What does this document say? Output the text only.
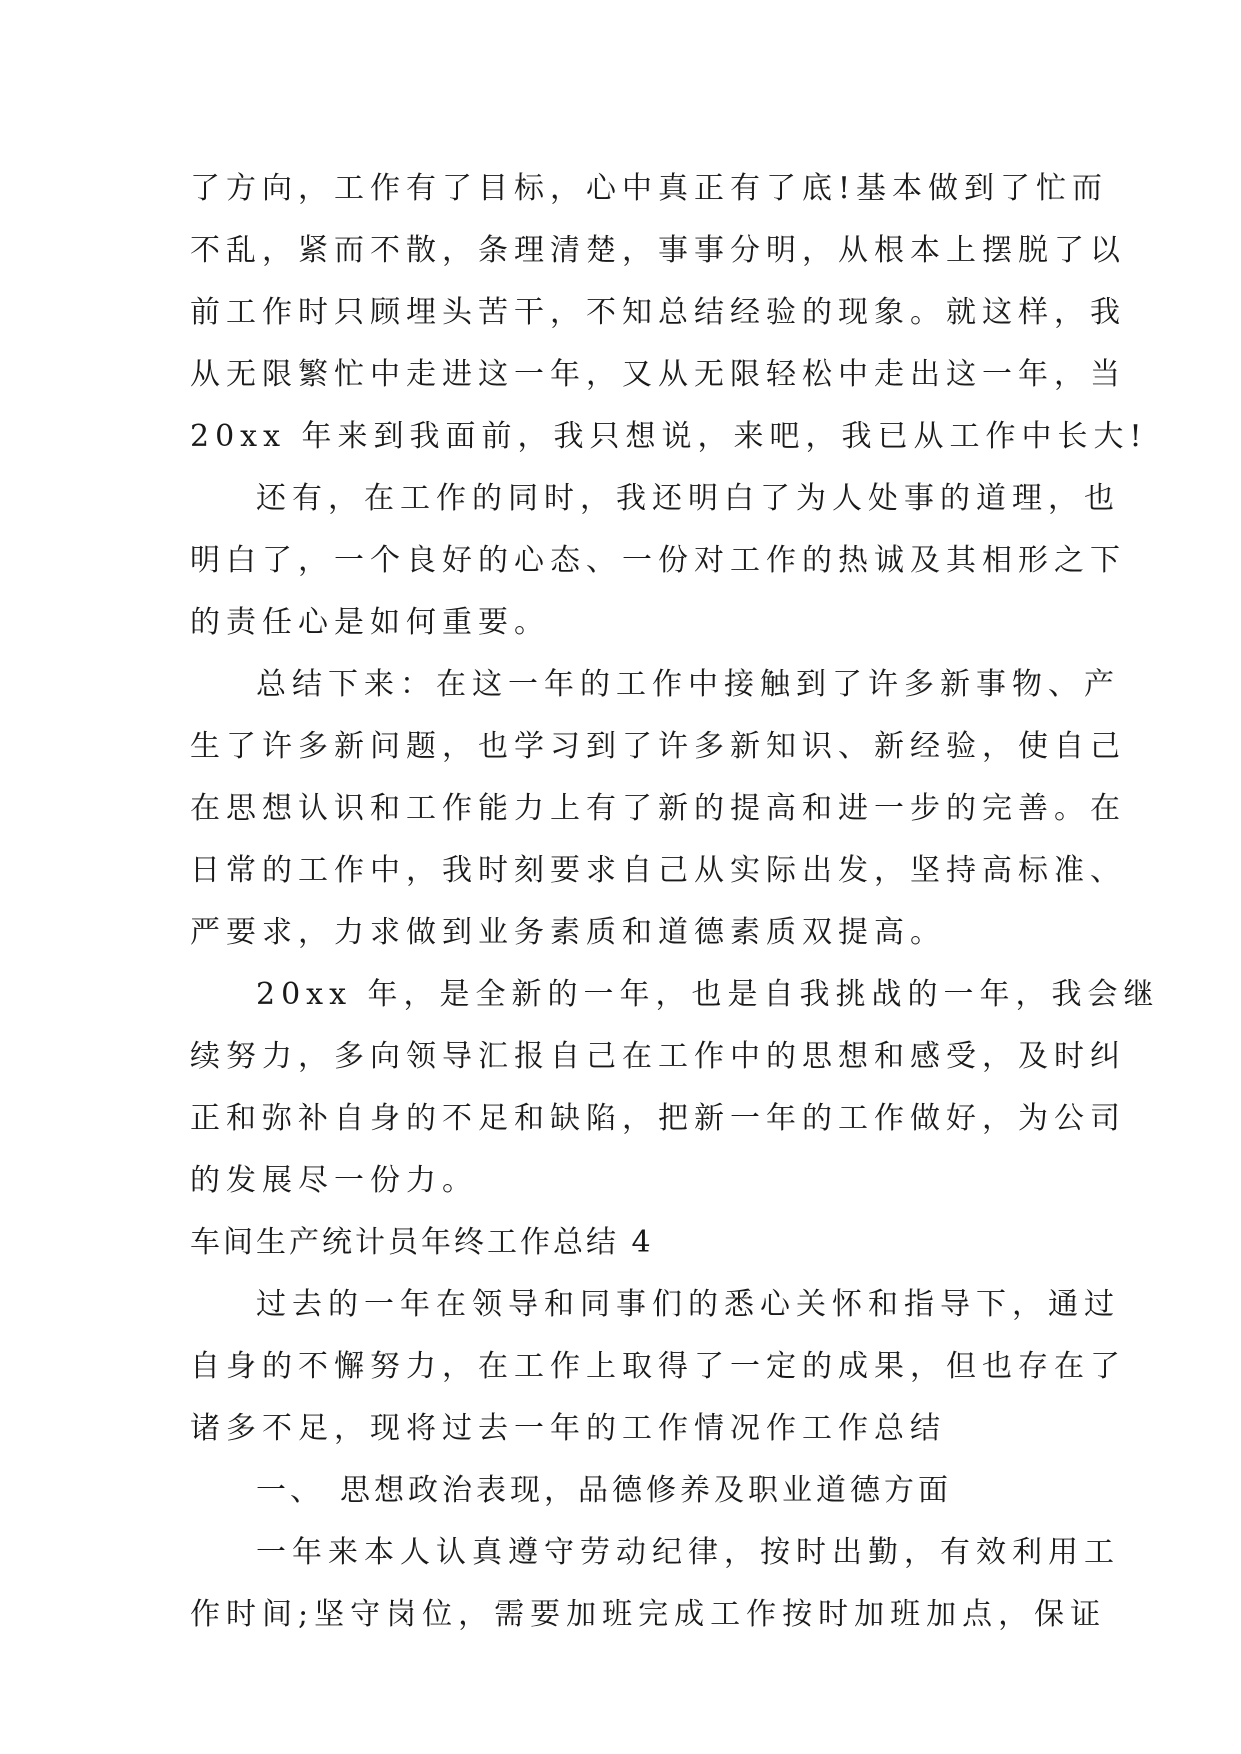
了方向，工作有了目标，心中真正有了底!基本做到了忙而
不乱，紧而不散，条理清楚，事事分明，从根本上摆脱了以
前工作时只顾埋头苦干，不知总结经验的现象。就这样，我
从无限繁忙中走进这一年，又从无限轻松中走出这一年，当
20xx 年来到我面前，我只想说，来吧，我已从工作中长大!
还有，在工作的同时，我还明白了为人处事的道理，也
明白了，一个良好的心态、一份对工作的热诚及其相形之下
的责任心是如何重要。
总结下来：在这一年的工作中接触到了许多新事物、产
生了许多新问题，也学习到了许多新知识、新经验，使自己
在思想认识和工作能力上有了新的提高和进一步的完善。在
日常的工作中，我时刻要求自己从实际出发，坚持高标准、
严要求，力求做到业务素质和道德素质双提高。
20xx 年，是全新的一年，也是自我挑战的一年，我会继
续努力，多向领导汇报自己在工作中的思想和感受，及时纠
正和弥补自身的不足和缺陷，把新一年的工作做好，为公司
的发展尽一份力。
车间生产统计员年终工作总结 4
过去的一年在领导和同事们的悉心关怀和指导下，通过
自身的不懈努力，在工作上取得了一定的成果，但也存在了
诸多不足，现将过去一年的工作情况作工作总结
一、 思想政治表现，品德修养及职业道德方面
一年来本人认真遵守劳动纪律，按时出勤，有效利用工
作时间;坚守岗位，需要加班完成工作按时加班加点，保证
